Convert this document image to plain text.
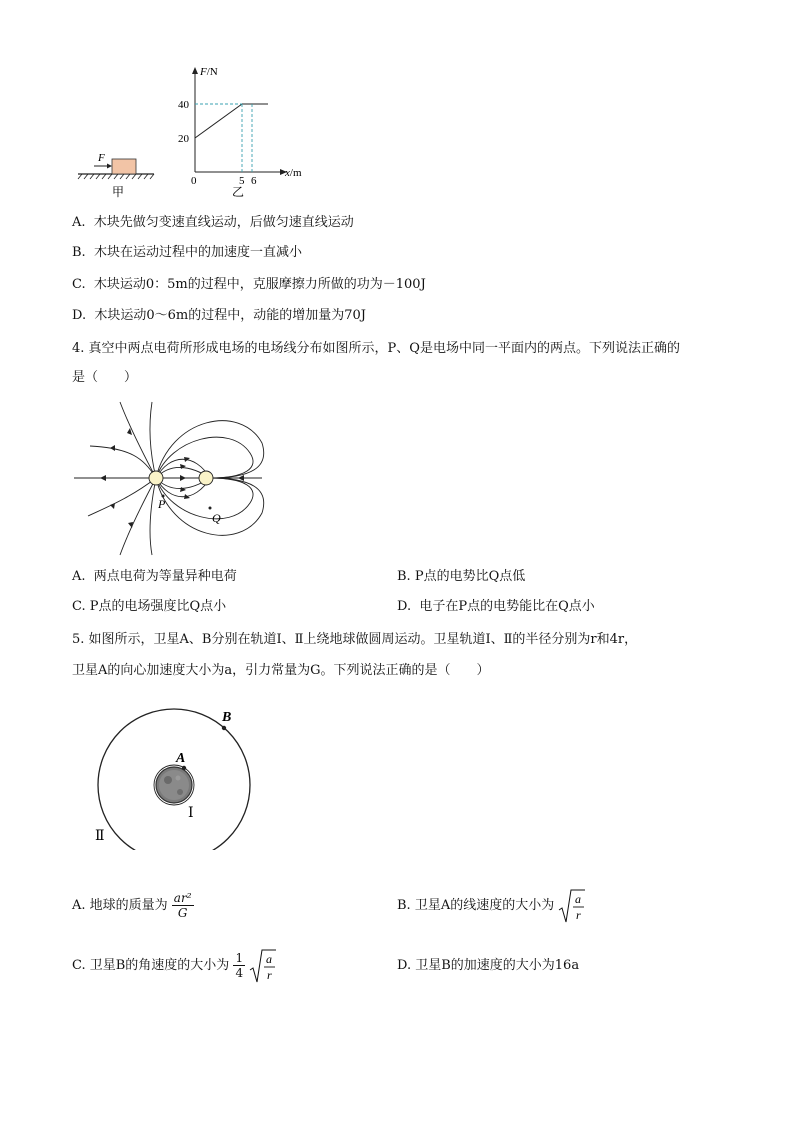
F
甲
F/N
x/m
40
20
0	5 6
乙
A. 木块先做匀变速直线运动，后做匀速直线运动
B. 木块在运动过程中的加速度一直减小
C. 木块运动0：5m的过程中，克服摩擦力所做的功为－100J
D. 木块运动0～6m的过程中，动能的增加量为70J
4. 真空中两点电荷所形成电场的电场线分布如图所示，P、Q是电场中同一平面内的两点。下列说法正确的
是（　　）
P
Q
A. 两点电荷为等量异种电荷	B. P点的电势比Q点低
C. P点的电场强度比Q点小	D. 电子在P点的电势能比在Q点小
5. 如图所示，卫星A、B分别在轨道Ⅰ、Ⅱ上绕地球做圆周运动。卫星轨道Ⅰ、Ⅱ的半径分别为r和4r，
卫星A的向心加速度大小为a，引力常量为G。下列说法正确的是（　　）
A
B
Ⅰ
Ⅱ
A. 地球的质量为 $\frac{\text{ar²}}{G}$	B. 卫星A的线速度的大小为 a
r
C. 卫星B的角速度的大小为 $\frac{1}{4}$
a
r
D. 卫星B的加速度的大小为16a
